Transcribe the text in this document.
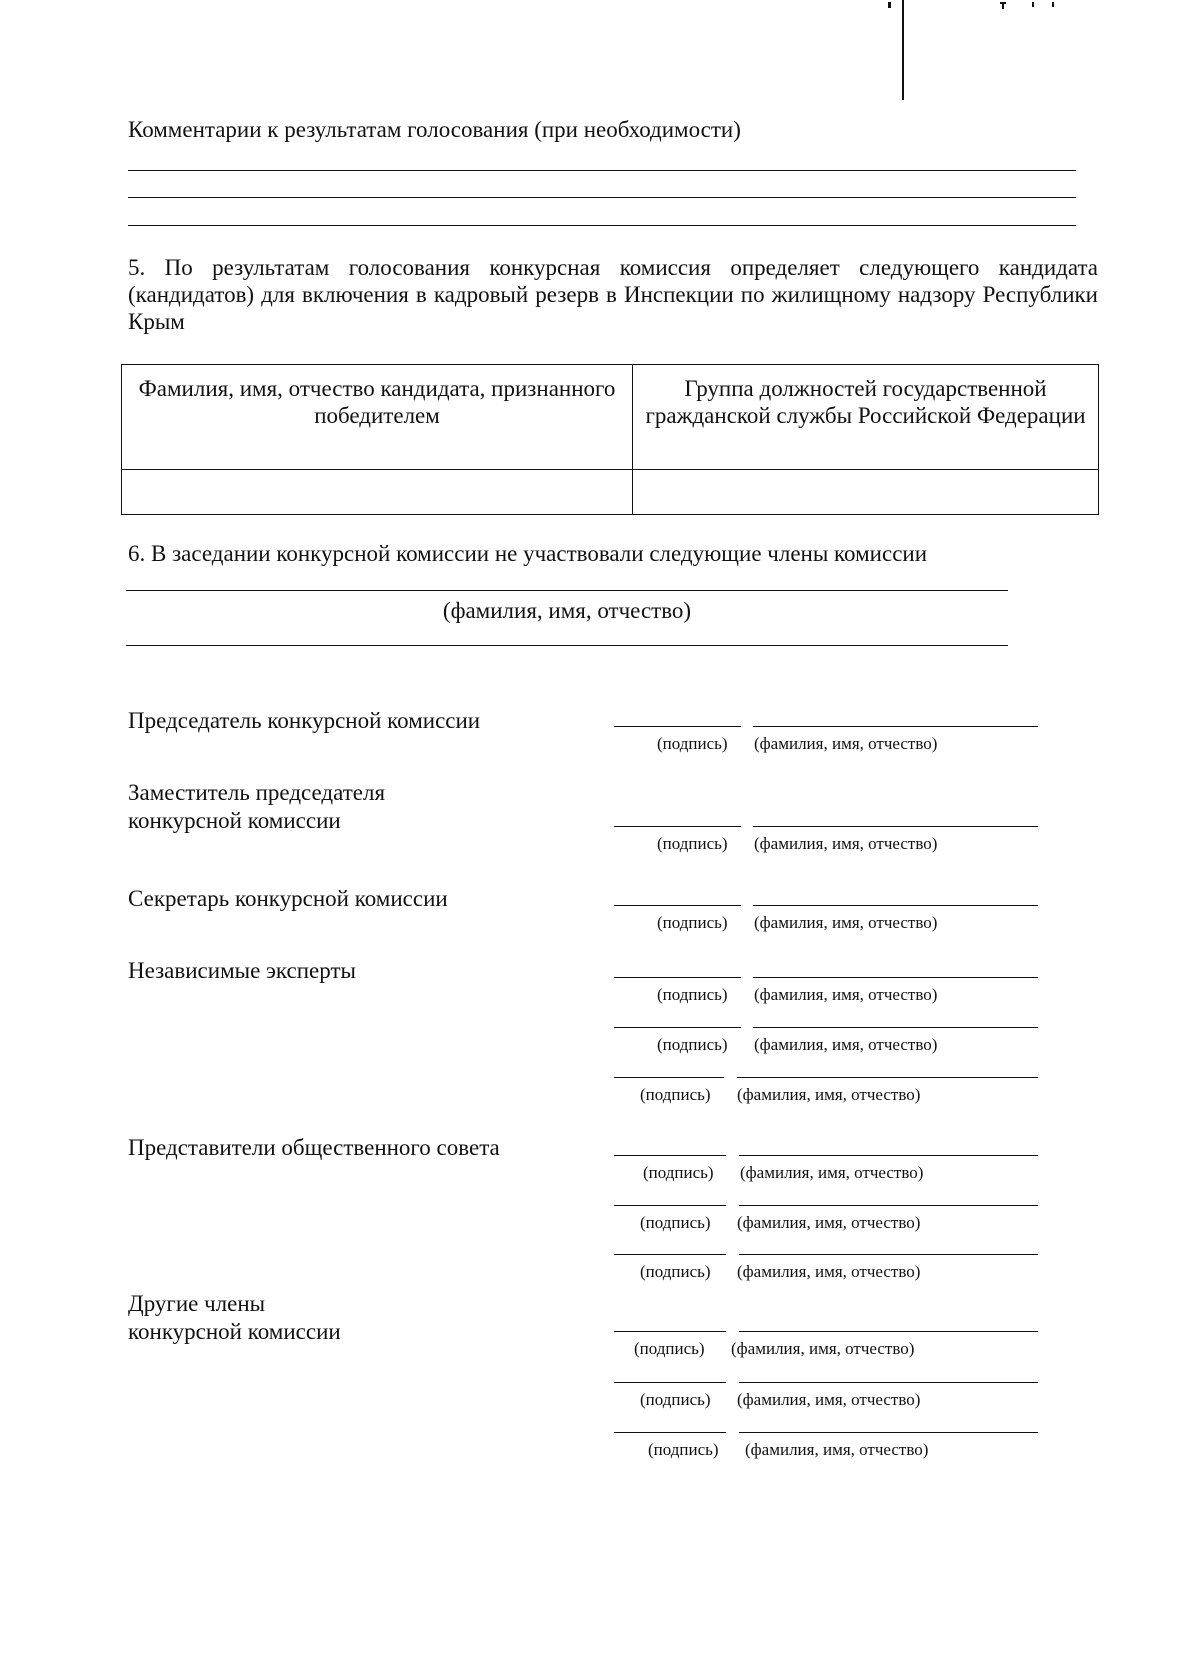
Комментарии к результатам голосования (при необходимости)
5. По результатам голосования конкурсная комиссия определяет следующего кандидата (кандидатов) для включения в кадровый резерв в Инспекции по жилищному надзору Республики Крым
Фамилия, имя, отчество кандидата, признанного победителем	Группа должностей государственной гражданской службы Российской Федерации

6. В заседании конкурсной комиссии не участвовали следующие члены комиссии
(фамилия, имя, отчество)
Председатель конкурсной комиссии
(подпись) (фамилия, имя, отчество)
Заместитель председателя
конкурсной комиссии
(подпись) (фамилия, имя, отчество)
Секретарь конкурсной комиссии
(подпись) (фамилия, имя, отчество)
Независимые эксперты
(подпись) (фамилия, имя, отчество)
(подпись) (фамилия, имя, отчество)
(подпись) (фамилия, имя, отчество)
Представители общественного совета
(подпись) (фамилия, имя, отчество)
(подпись) (фамилия, имя, отчество)
(подпись) (фамилия, имя, отчество)
Другие члены
конкурсной комиссии
(подпись) (фамилия, имя, отчество)
(подпись) (фамилия, имя, отчество)
(подпись) (фамилия, имя, отчество)
